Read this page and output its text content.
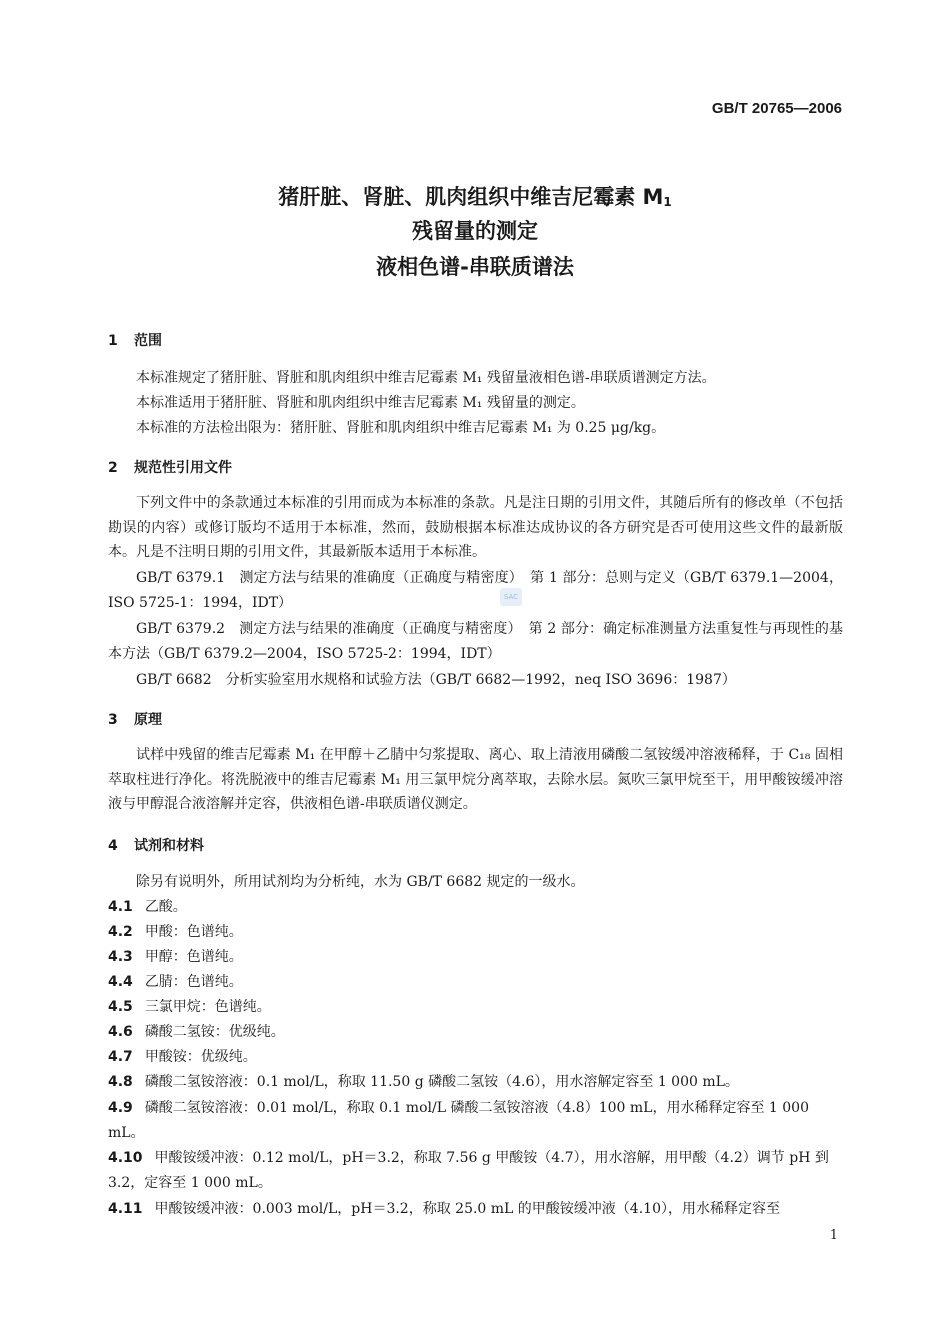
GB/T 20765—2006
猪肝脏、肾脏、肌肉组织中维吉尼霉素 $M_1$
残留量的测定
液相色谱-串联质谱法
1 范围
本标准规定了猪肝脏、肾脏和肌肉组织中维吉尼霉素 M₁ 残留量液相色谱-串联质谱测定方法。
本标准适用于猪肝脏、肾脏和肌肉组织中维吉尼霉素 M₁ 残留量的测定。
本标准的方法检出限为：猪肝脏、肾脏和肌肉组织中维吉尼霉素 M₁ 为 0.25 μg/kg。
2 规范性引用文件
下列文件中的条款通过本标准的引用而成为本标准的条款。凡是注日期的引用文件，其随后所有的修改单（不包括勘误的内容）或修订版均不适用于本标准，然而，鼓励根据本标准达成协议的各方研究是否可使用这些文件的最新版本。凡是不注明日期的引用文件，其最新版本适用于本标准。
GB/T 6379.1　测定方法与结果的准确度（正确度与精密度）　第 1 部分：总则与定义（GB/T 6379.1—2004，ISO 5725-1：1994，IDT）
GB/T 6379.2　测定方法与结果的准确度（正确度与精密度）　第 2 部分：确定标准测量方法重复性与再现性的基本方法（GB/T 6379.2—2004，ISO 5725-2：1994，IDT）
GB/T 6682　分析实验室用水规格和试验方法（GB/T 6682—1992，neq ISO 3696：1987）
SAC
3 原理
试样中残留的维吉尼霉素 M₁ 在甲醇＋乙腈中匀浆提取、离心、取上清液用磷酸二氢铵缓冲溶液稀释，于 C₁₈ 固相萃取柱进行净化。将洗脱液中的维吉尼霉素 M₁ 用三氯甲烷分离萃取，去除水层。氮吹三氯甲烷至干，用甲酸铵缓冲溶液与甲醇混合液溶解并定容，供液相色谱-串联质谱仪测定。
4 试剂和材料
除另有说明外，所用试剂均为分析纯，水为 GB/T 6682 规定的一级水。
4.1 乙酸。
4.2 甲酸：色谱纯。
4.3 甲醇：色谱纯。
4.4 乙腈：色谱纯。
4.5 三氯甲烷：色谱纯。
4.6 磷酸二氢铵：优级纯。
4.7 甲酸铵：优级纯。
4.8 磷酸二氢铵溶液：0.1 mol/L，称取 11.50 g 磷酸二氢铵（4.6），用水溶解定容至 1 000 mL。
4.9 磷酸二氢铵溶液：0.01 mol/L，称取 0.1 mol/L 磷酸二氢铵溶液（4.8）100 mL，用水稀释定容至 1 000 mL。
4.10 甲酸铵缓冲液：0.12 mol/L，pH＝3.2，称取 7.56 g 甲酸铵（4.7），用水溶解，用甲酸（4.2）调节 pH 到 3.2，定容至 1 000 mL。
4.11 甲酸铵缓冲液：0.003 mol/L，pH＝3.2，称取 25.0 mL 的甲酸铵缓冲液（4.10），用水稀释定容至
1
